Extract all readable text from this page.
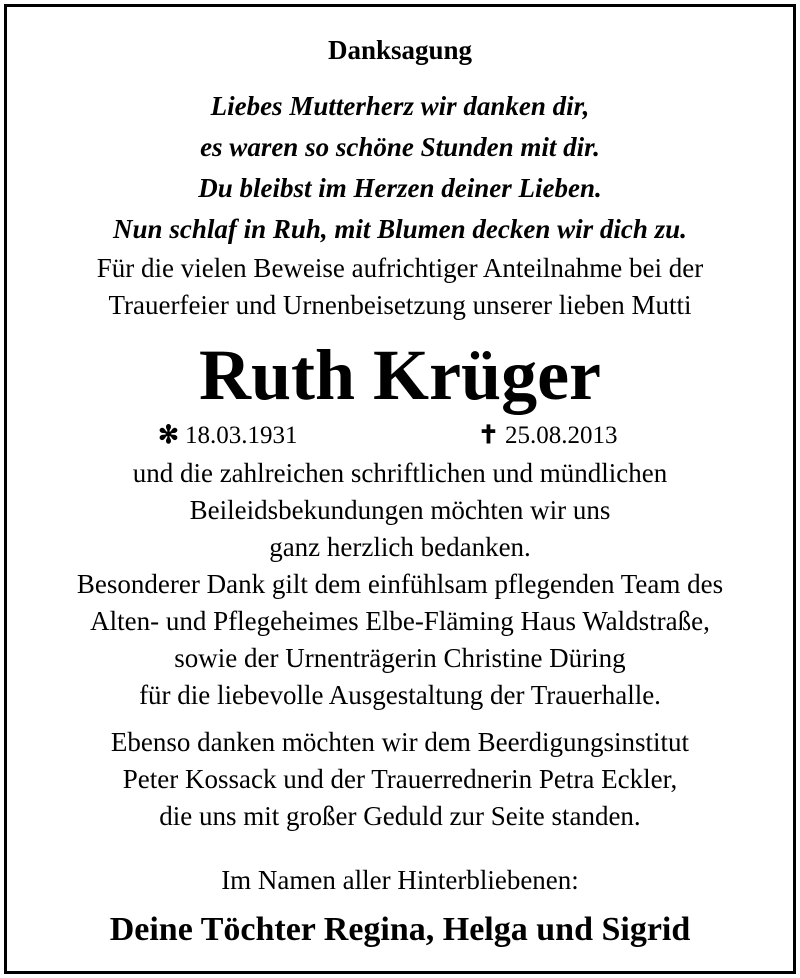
Danksagung
Liebes Mutterherz wir danken dir,
es waren so schöne Stunden mit dir.
Du bleibst im Herzen deiner Lieben.
Nun schlaf in Ruh, mit Blumen decken wir dich zu.
Für die vielen Beweise aufrichtiger Anteilnahme bei der
Trauerfeier und Urnenbeisetzung unserer lieben Mutti
Ruth Krüger
✻ 18.03.1931	✝ 25.08.2013
und die zahlreichen schriftlichen und mündlichen
Beileidsbekundungen möchten wir uns
ganz herzlich bedanken.
Besonderer Dank gilt dem einfühlsam pflegenden Team des
Alten- und Pflegeheimes Elbe-Fläming Haus Waldstraße,
sowie der Urnenträgerin Christine Düring
für die liebevolle Ausgestaltung der Trauerhalle.
Ebenso danken möchten wir dem Beerdigungsinstitut
Peter Kossack und der Trauerrednerin Petra Eckler,
die uns mit großer Geduld zur Seite standen.
Im Namen aller Hinterbliebenen:
Deine Töchter Regina, Helga und Sigrid
